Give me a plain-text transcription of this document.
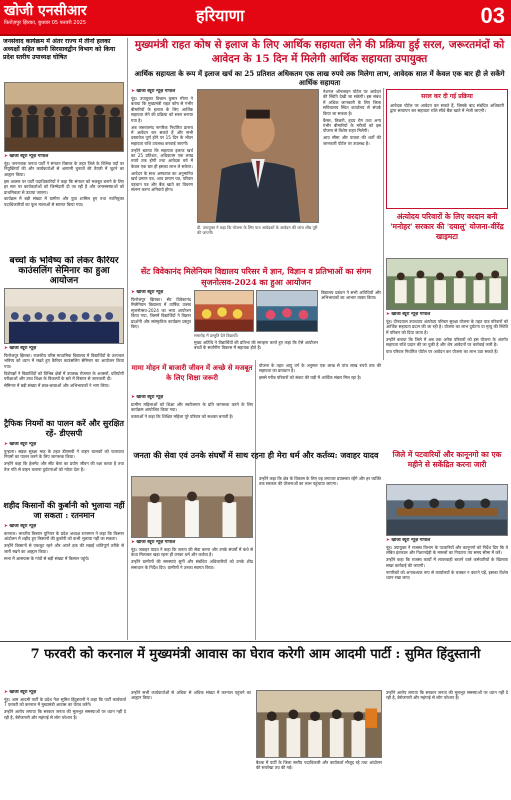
खोजी एनसीआर
फ़िरोज़पुर झिरका, बुधवार 05 फरवरी 2025	हरियाणा	03
जनसंवाद कार्यक्रम में अंतर राज्य में तीनों हलका अध्यक्षों सहित कानी सिरसावद्वीन विभाग को किया प्रदेश स्तरीय उपाध्यक्ष घोषित
➤ खोजी ब्यूरो न्यूज़ गोपाल

नूंह। जननायक जनता पार्टी ने संगठन विस्तार के तहत जिले के विभिन्न पदों पर नियुक्तियाँ की और कार्यकर्ताओं से आगामी चुनावों की तैयारी में जुटने का आह्वान किया।

इस अवसर पर पार्टी पदाधिकारियों ने कहा कि संगठन को मजबूत बनाने के लिए हर स्तर पर कार्यकर्ताओं को जिम्मेदारी दी जा रही है और जनसमस्याओं को प्राथमिकता से उठाया जाएगा।

कार्यक्रम में बड़ी संख्या में ग्रामीण और युवा शामिल हुए तथा नवनियुक्त पदाधिकारियों का फूल मालाओं से स्वागत किया गया।

बच्चों के भविष्य को लेकर कैरियर काउंसलिंग सेमिनार का हुआ आयोजन
➤ खोजी ब्यूरो न्यूज़

फिरोजपुर झिरका। राजकीय वरिष्ठ माध्यमिक विद्यालय में विद्यार्थियों के उज्ज्वल भविष्य को ध्यान में रखते हुए कैरियर काउंसलिंग सेमिनार का आयोजन किया गया।

विशेषज्ञों ने विद्यार्थियों को विभिन्न क्षेत्रों में उपलब्ध रोजगार के अवसरों, प्रतियोगी परीक्षाओं और उच्च शिक्षा के विकल्पों के बारे में विस्तार से जानकारी दी।

सेमिनार में बड़ी संख्या में छात्र-छात्राओं और अभिभावकों ने भाग लिया।

ट्रैफिक नियमों का पालन करें और सुरक्षित रहें- डीएसपी
➤ खोजी ब्यूरो न्यूज़

पुन्हाना। सड़क सुरक्षा माह के तहत डीएसपी ने वाहन चालकों को यातायात नियमों का पालन करने के लिए जागरूक किया।

उन्होंने कहा कि हेलमेट और सीट बेल्ट का प्रयोग जीवन की रक्षा करता है तथा तेज गति से वाहन चलाना दुर्घटनाओं को न्योता देता है।

शहीद किसानों की कुर्बानी को भुलाया नहीं जा सकता : रतनमान
➤ खोजी ब्यूरो न्यूज़

करनाल। भारतीय किसान यूनियन के प्रदेश अध्यक्ष रतनमान ने कहा कि किसान आंदोलन में शहीद हुए किसानों की कुर्बानी को कभी भुलाया नहीं जा सकता।

उन्होंने किसानों से एकजुट रहने और अपने हक की लड़ाई शांतिपूर्ण तरीके से जारी रखने का आह्वान किया।

सभा में आसपास के गांवों से बड़ी संख्या में किसान पहुंचे।

मुख्यमंत्री राहत कोष से इलाज के लिए आर्थिक सहायता लेने की प्रक्रिया हुई सरल, जरूरतमंदों को आवेदन के 15 दिन में मिलेगी आर्थिक सहायता उपायुक्त
आर्थिक सहायता के रूप में इलाज खर्च का 25 प्रतिशत अधिकतम एक लाख रुपये तक मिलेगा लाभ, आवेदक साल में केवल एक बार ही ले सकेंगे आर्थिक सहायता
➤ खोजी ब्यूरो न्यूज़ गोपाल

नूंह। उपायुक्त विश्राम कुमार मीणा ने बताया कि मुख्यमंत्री राहत कोष से गंभीर बीमारियों के इलाज के लिए आर्थिक सहायता लेने की प्रक्रिया को सरल बनाया गया है।

अब जरूरतमंद नागरिक निर्धारित प्रारूप में आवेदन कर सकते हैं और सभी दस्तावेज पूर्ण होने पर 15 दिन के भीतर सहायता राशि उपलब्ध करवाई जाएगी।

उन्होंने बताया कि सहायता इलाज खर्च का 25 प्रतिशत, अधिकतम एक लाख रुपये तक होगी तथा आवेदक वर्ष में केवल एक बार ही इसका लाभ ले सकेगा।

आवेदन के साथ अस्पताल का अनुमानित खर्च प्रमाण पत्र, आय प्रमाण पत्र, परिवार पहचान पत्र और बैंक खाते का विवरण संलग्न करना अनिवार्य होगा।

डी. उपायुक्त ने कहा कि योजना के लिए पात्र आवेदकों के आवेदन की जांच शीघ्र पूरी की जाएगी।

नेशनल ऑनलाइन पोर्टल पर आवेदन की स्थिति देखी जा सकेगी। इस संबंध में अधिक जानकारी के लिए जिला सचिवालय स्थित कार्यालय से संपर्क किया जा सकता है।

कैंसर, किडनी, हृदय रोग तथा अन्य गंभीर बीमारियों के मरीजों को इस योजना से विशेष राहत मिलेगी।

आय सीमा और पात्रता की शर्तों की जानकारी पोर्टल पर उपलब्ध है।

सरल कर दी गई प्रक्रिया
आवेदक पोर्टल पर आवेदन कर सकते हैं, जिसके बाद संबंधित अधिकारी द्वारा सत्यापन कर सहायता राशि सीधे बैंक खाते में भेजी जाएगी।
सेंट विवेकानंद मिलेनियम विद्यालय परिसर में ज्ञान, विज्ञान व प्रतिभाओं का संगम सृजनोत्सव-2024 का हुआ आयोजन
➤ खोजी ब्यूरो न्यूज़

फिरोजपुर झिरका। सेंट विवेकानंद मिलेनियम विद्यालय में वार्षिक उत्सव सृजनोत्सव-2024 का भव्य आयोजन किया गया, जिसमें विद्यार्थियों ने विज्ञान प्रदर्शनी और सांस्कृतिक कार्यक्रम प्रस्तुत किए।

समारोह में प्रस्तुति देते विद्यार्थी।

मुख्य अतिथि ने विद्यार्थियों की प्रतिभा की सराहना करते हुए कहा कि ऐसे आयोजन बच्चों के सर्वांगीण विकास में सहायक होते हैं।

विद्यालय प्रबंधन ने सभी अतिथियों और अभिभावकों का आभार व्यक्त किया।

अंत्योदय परिवारों के लिए वरदान बनी 'मनोहर' सरकार की 'दयालु' योजना-वीरेंद्र खाइमटा
➤ खोजी ब्यूरो न्यूज़ गोपाल

नूंह। दीनदयाल उपाध्याय अंत्योदय परिवार सुरक्षा योजना के तहत पात्र परिवारों को आर्थिक सहायता प्रदान की जा रही है। योजना का लाभ दुर्घटना या मृत्यु की स्थिति में परिवार को दिया जाता है।

उन्होंने बताया कि जिले में अब तक अनेक परिवारों को इस योजना के अंतर्गत सहायता राशि प्रदान की जा चुकी है और शेष आवेदनों पर कार्रवाई जारी है।

पात्र परिवार निर्धारित पोर्टल पर आवेदन कर योजना का लाभ उठा सकते हैं।

मामा मोहन में बाजारी जीवन में अच्छे से मजबूत के लिए शिक्षा जरूरी
➤ खोजी ब्यूरो न्यूज़

ग्रामीण महिलाओं को शिक्षा और स्वरोजगार के प्रति जागरूक करने के लिए कार्यक्रम आयोजित किया गया।

वक्ताओं ने कहा कि शिक्षित महिला पूरे परिवार को सशक्त बनाती है।

योजना के तहत आयु वर्ग के अनुसार एक लाख से पांच लाख रुपये तक की सहायता का प्रावधान है।

इससे गरीब परिवारों को संकट की घड़ी में आर्थिक संबल मिल रहा है।

जनता की सेवा एवं उनके संघर्षों में साथ रहना ही मेरा धर्म और कर्तव्य: जवाहर यादव
➤ खोजी ब्यूरो न्यूज़ गोपाल

नूंह। जवाहर यादव ने कहा कि जनता की सेवा करना और उनके संघर्षों में कंधे से कंधा मिलाकर खड़ा रहना ही उनका धर्म और कर्तव्य है।

उन्होंने ग्रामीणों की समस्याएं सुनीं और संबंधित अधिकारियों को उनके शीघ्र समाधान के निर्देश दिए। ग्रामीणों ने उनका स्वागत किया।

उन्होंने कहा कि क्षेत्र के विकास के लिए वह लगातार प्रयासरत रहेंगे और हर व्यक्ति तक सरकार की योजनाओं का लाभ पहुंचाया जाएगा।

जिले में पटवारियों और कानूनगो का एक महीने से सकेंद्रित करना जारी
➤ खोजी ब्यूरो न्यूज़ गोपाल

नूंह। उपायुक्त ने राजस्व विभाग के पटवारियों और कानूनगो को निर्देश दिए कि वे लंबित इंतकाल और निशानदेही के मामलों का निपटारा तय समय सीमा में करें।

उन्होंने कहा कि राजस्व कार्यों में लापरवाही बरतने वाले कर्मचारियों के खिलाफ सख्त कार्रवाई की जाएगी।

नागरिकों को अनावश्यक रूप से कार्यालयों के चक्कर न काटने पड़ें, इसका विशेष ध्यान रखा जाए।

7 फरवरी को करनाल में मुख्यमंत्री आवास का घेराव करेगी आम आदमी पार्टी : सुमित हिंदुस्तानी
➤ खोजी ब्यूरो न्यूज़

नूंह। आम आदमी पार्टी के प्रदेश नेता सुमित हिंदुस्तानी ने कहा कि पार्टी कार्यकर्ता 7 फरवरी को करनाल में मुख्यमंत्री आवास का घेराव करेंगे।

उन्होंने आरोप लगाया कि सरकार जनता की मूलभूत समस्याओं पर ध्यान नहीं दे रही है, बेरोजगारी और महंगाई से लोग परेशान हैं।

उन्होंने सभी कार्यकर्ताओं से अधिक से अधिक संख्या में करनाल पहुंचने का आह्वान किया।

बैठक में पार्टी के जिला स्तरीय पदाधिकारी और कार्यकर्ता मौजूद रहे तथा आंदोलन की रूपरेखा तय की गई।

उन्होंने आरोप लगाया कि सरकार जनता की मूलभूत समस्याओं पर ध्यान नहीं दे रही है, बेरोजगारी और महंगाई से लोग परेशान हैं।
